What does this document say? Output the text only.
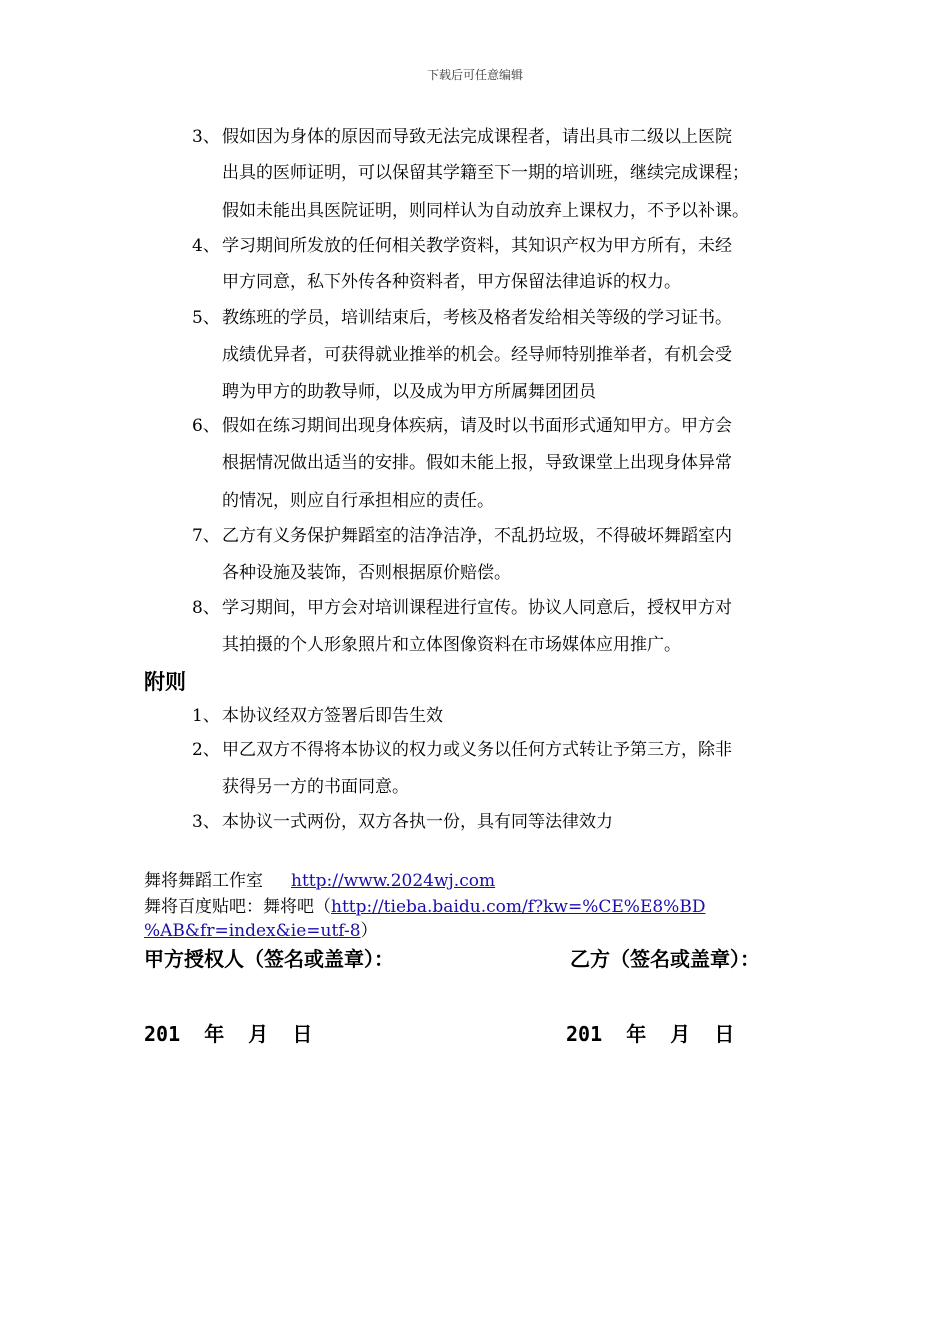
下载后可任意编辑
3、 假如因为身体的原因而导致无法完成课程者，请出具市二级以上医院
出具的医师证明，可以保留其学籍至下一期的培训班，继续完成课程；
假如未能出具医院证明，则同样认为自动放弃上课权力，不予以补课。
4、 学习期间所发放的任何相关教学资料，其知识产权为甲方所有，未经
甲方同意，私下外传各种资料者，甲方保留法律追诉的权力。
5、 教练班的学员，培训结束后，考核及格者发给相关等级的学习证书。
成绩优异者，可获得就业推举的机会。经导师特别推举者，有机会受
聘为甲方的助教导师，以及成为甲方所属舞团团员
6、 假如在练习期间出现身体疾病，请及时以书面形式通知甲方。甲方会
根据情况做出适当的安排。假如未能上报，导致课堂上出现身体异常
的情况，则应自行承担相应的责任。
7、 乙方有义务保护舞蹈室的洁净洁净，不乱扔垃圾，不得破坏舞蹈室内
各种设施及装饰，否则根据原价赔偿。
8、 学习期间，甲方会对培训课程进行宣传。协议人同意后，授权甲方对
其拍摄的个人形象照片和立体图像资料在市场媒体应用推广。
附则
1、 本协议经双方签署后即告生效
2、 甲乙双方不得将本协议的权力或义务以任何方式转让予第三方，除非
获得另一方的书面同意。
3、 本协议一式两份，双方各执一份，具有同等法律效力
舞将舞蹈工作室 http://www.2024wj.com
舞将百度贴吧：舞将吧（http://tieba.baidu.com/f?kw=%CE%E8%BD
%AB&fr=index&ie=utf-8）
甲方授权人（签名或盖章）：	乙方（签名或盖章）：
201  年  月  日	201  年  月  日
